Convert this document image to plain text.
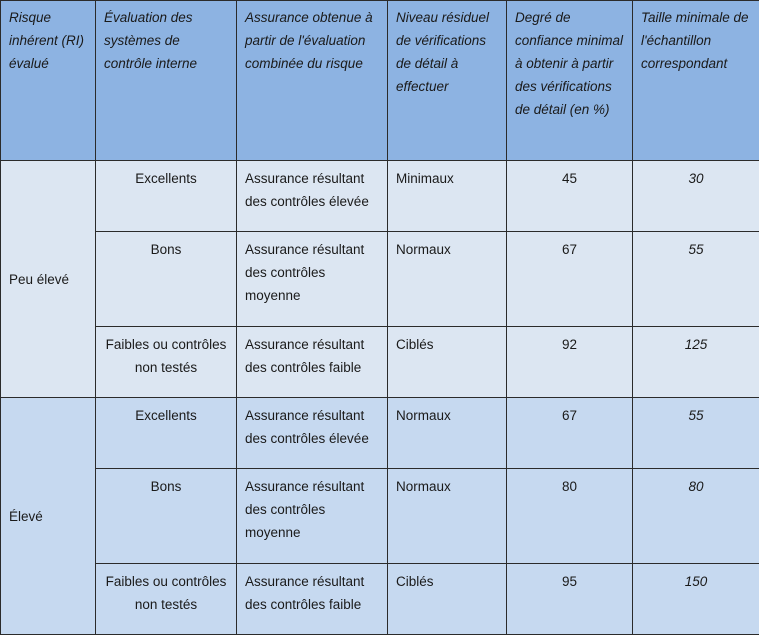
Risque inhérent (RI) évalué	Évaluation des systèmes de contrôle interne	Assurance obtenue à partir de l'évaluation combinée du risque	Niveau résiduel de vérifications de détail à effectuer	Degré de confiance minimal à obtenir à partir des vérifications de détail (en %)	Taille minimale de l'échantillon correspondant
Peu élevé	Excellents	Assurance résultant des contrôles élevée	Minimaux	45	30
	Bons	Assurance résultant des contrôles moyenne	Normaux	67	55
	Faibles ou contrôles non testés	Assurance résultant des contrôles faible	Ciblés	92	125
Élevé	Excellents	Assurance résultant des contrôles élevée	Normaux	67	55
	Bons	Assurance résultant des contrôles moyenne	Normaux	80	80
	Faibles ou contrôles non testés	Assurance résultant des contrôles faible	Ciblés	95	150
